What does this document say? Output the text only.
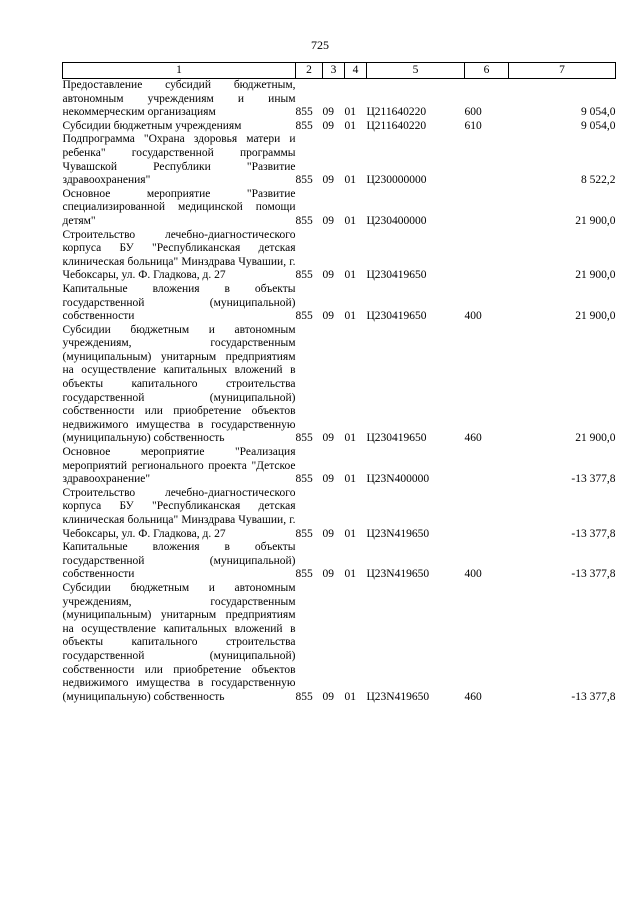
725
1	2	3	4	5	6	7
Предоставление субсидий бюджетным, автономным учреждениям и иным некоммерческим организациям	855	09	01	Ц211640220	600	9 054,0
Субсидии бюджетным учреждениям	855	09	01	Ц211640220	610	9 054,0
Подпрограмма "Охрана здоровья матери и ребенка" государственной программы Чувашской Республики "Развитие здравоохранения"	855	09	01	Ц230000000		8 522,2
Основное мероприятие "Развитие специализированной медицинской помощи детям"	855	09	01	Ц230400000		21 900,0
Строительство лечебно-диагностического корпуса БУ "Республиканская детская клиническая больница" Минздрава Чувашии, г. Чебоксары, ул. Ф. Гладкова, д. 27	855	09	01	Ц230419650		21 900,0
Капитальные вложения в объекты государственной (муниципальной) собственности	855	09	01	Ц230419650	400	21 900,0
Субсидии бюджетным и автономным учреждениям, государственным (муниципальным) унитарным предприятиям на осуществление капитальных вложений в объекты капитального строительства государственной (муниципальной) собственности или приобретение объектов недвижимого имущества в государственную (муниципальную) собственность	855	09	01	Ц230419650	460	21 900,0
Основное мероприятие "Реализация мероприятий регионального проекта "Детское здравоохранение"	855	09	01	Ц23N400000		-13 377,8
Строительство лечебно-диагностического корпуса БУ "Республиканская детская клиническая больница" Минздрава Чувашии, г. Чебоксары, ул. Ф. Гладкова, д. 27	855	09	01	Ц23N419650		-13 377,8
Капитальные вложения в объекты государственной (муниципальной) собственности	855	09	01	Ц23N419650	400	-13 377,8
Субсидии бюджетным и автономным учреждениям, государственным (муниципальным) унитарным предприятиям на осуществление капитальных вложений в объекты капитального строительства государственной (муниципальной) собственности или приобретение объектов недвижимого имущества в государственную (муниципальную) собственность	855	09	01	Ц23N419650	460	-13 377,8
